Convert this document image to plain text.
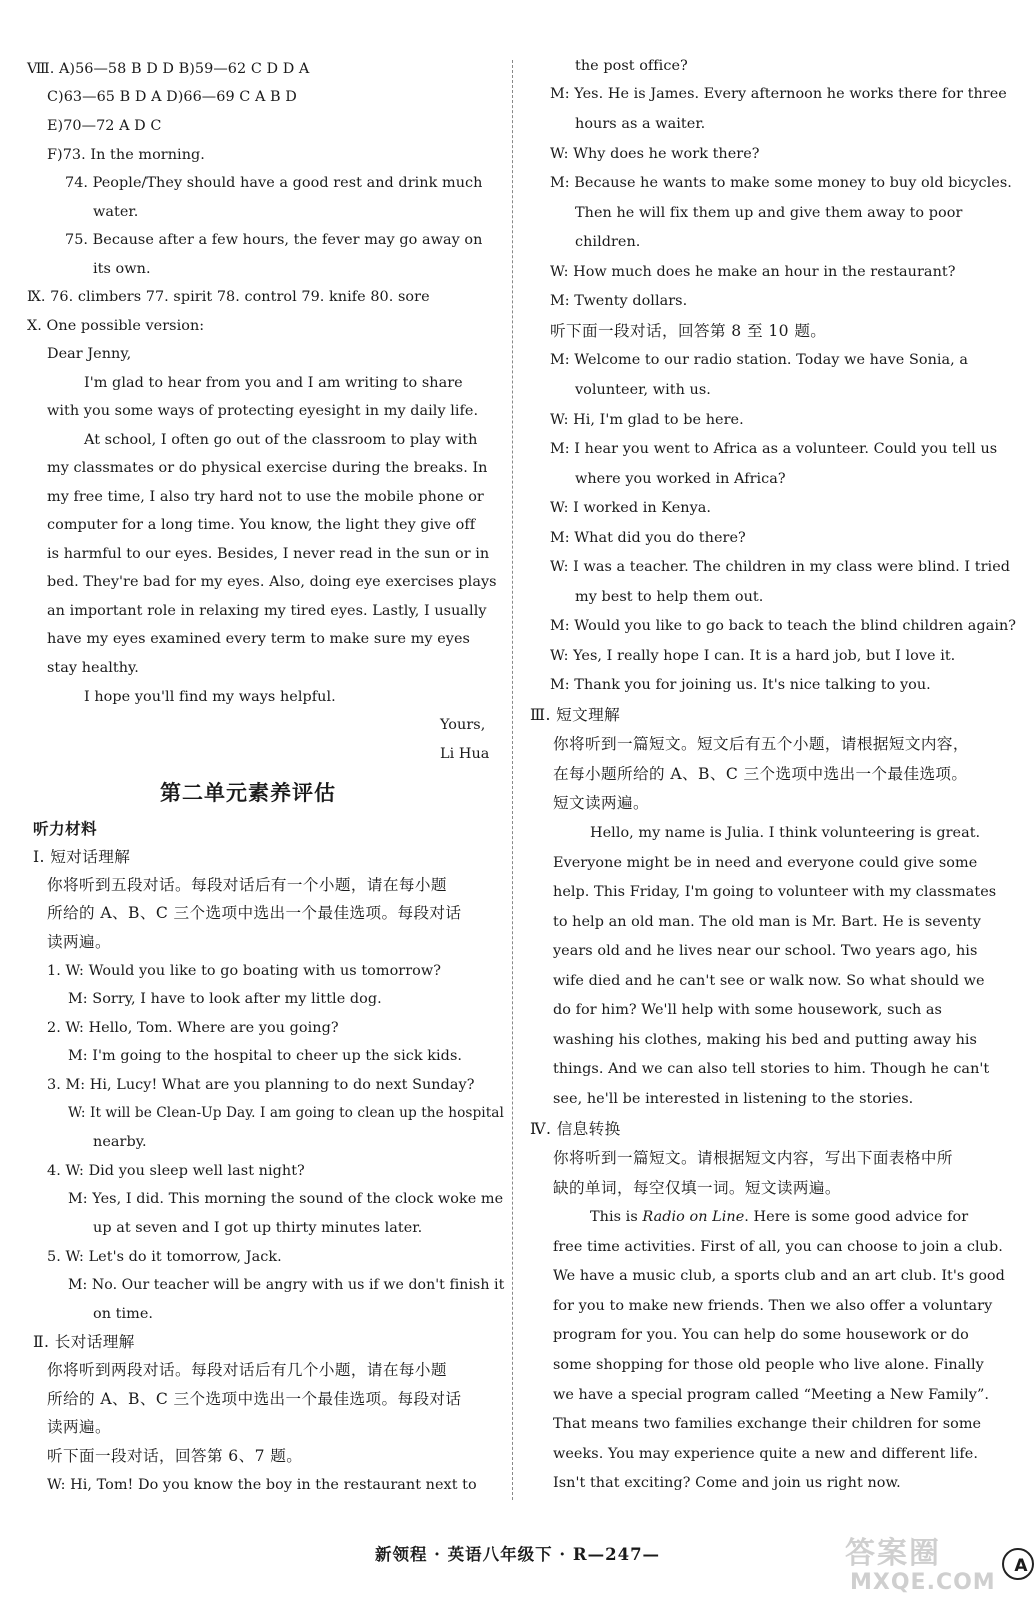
Ⅷ. A)56—58 B D D B)59—62 C D D A
C)63—65 B D A D)66—69 C A B D
E)70—72 A D C
F)73. In the morning.
74. People/They should have a good rest and drink much
water.
75. Because after a few hours, the fever may go away on
its own.
Ⅸ. 76. climbers 77. spirit 78. control 79. knife 80. sore
Ⅹ. One possible version:
Dear Jenny,
I'm glad to hear from you and I am writing to share
with you some ways of protecting eyesight in my daily life.
At school, I often go out of the classroom to play with
my classmates or do physical exercise during the breaks. In
my free time, I also try hard not to use the mobile phone or
computer for a long time. You know, the light they give off
is harmful to our eyes. Besides, I never read in the sun or in
bed. They're bad for my eyes. Also, doing eye exercises plays
an important role in relaxing my tired eyes. Lastly, I usually
have my eyes examined every term to make sure my eyes
stay healthy.
I hope you'll find my ways helpful.
Yours,
Li Hua
听力材料
Ⅰ. 短对话理解
你将听到五段对话。每段对话后有一个小题，请在每小题
所给的 A、B、C 三个选项中选出一个最佳选项。每段对话
读两遍。
1. W: Would you like to go boating with us tomorrow?
M: Sorry, I have to look after my little dog.
2. W: Hello, Tom. Where are you going?
M: I'm going to the hospital to cheer up the sick kids.
3. M: Hi, Lucy! What are you planning to do next Sunday?
W: It will be Clean-Up Day. I am going to clean up the hospital
nearby.
4. W: Did you sleep well last night?
M: Yes, I did. This morning the sound of the clock woke me
up at seven and I got up thirty minutes later.
5. W: Let's do it tomorrow, Jack.
M: No. Our teacher will be angry with us if we don't finish it
on time.
Ⅱ. 长对话理解
你将听到两段对话。每段对话后有几个小题，请在每小题
所给的 A、B、C 三个选项中选出一个最佳选项。每段对话
读两遍。
听下面一段对话，回答第 6、7 题。
W: Hi, Tom! Do you know the boy in the restaurant next to
the post office?
M: Yes. He is James. Every afternoon he works there for three
hours as a waiter.
W: Why does he work there?
M: Because he wants to make some money to buy old bicycles.
Then he will fix them up and give them away to poor
children.
W: How much does he make an hour in the restaurant?
M: Twenty dollars.
听下面一段对话，回答第 8 至 10 题。
M: Welcome to our radio station. Today we have Sonia, a
volunteer, with us.
W: Hi, I'm glad to be here.
M: I hear you went to Africa as a volunteer. Could you tell us
where you worked in Africa?
W: I worked in Kenya.
M: What did you do there?
W: I was a teacher. The children in my class were blind. I tried
my best to help them out.
M: Would you like to go back to teach the blind children again?
W: Yes, I really hope I can. It is a hard job, but I love it.
M: Thank you for joining us. It's nice talking to you.
Ⅲ. 短文理解
你将听到一篇短文。短文后有五个小题，请根据短文内容，
在每小题所给的 A、B、C 三个选项中选出一个最佳选项。
短文读两遍。
Hello, my name is Julia. I think volunteering is great.
Everyone might be in need and everyone could give some
help. This Friday, I'm going to volunteer with my classmates
to help an old man. The old man is Mr. Bart. He is seventy
years old and he lives near our school. Two years ago, his
wife died and he can't see or walk now. So what should we
do for him? We'll help with some housework, such as
washing his clothes, making his bed and putting away his
things. And we can also tell stories to him. Though he can't
see, he'll be interested in listening to the stories.
Ⅳ. 信息转换
你将听到一篇短文。请根据短文内容，写出下面表格中所
缺的单词，每空仅填一词。短文读两遍。
This is Radio on Line. Here is some good advice for
free time activities. First of all, you can choose to join a club.
We have a music club, a sports club and an art club. It's good
for you to make new friends. Then we also offer a voluntary
program for you. You can help do some housework or do
some shopping for those old people who live alone. Finally
we have a special program called “Meeting a New Family”.
That means two families exchange their children for some
weeks. You may experience quite a new and different life.
Isn't that exciting? Come and join us right now.
第二单元素养评估
答案圈
MXQE.COM
新领程 · 英语八年级下 · R—247—
A
